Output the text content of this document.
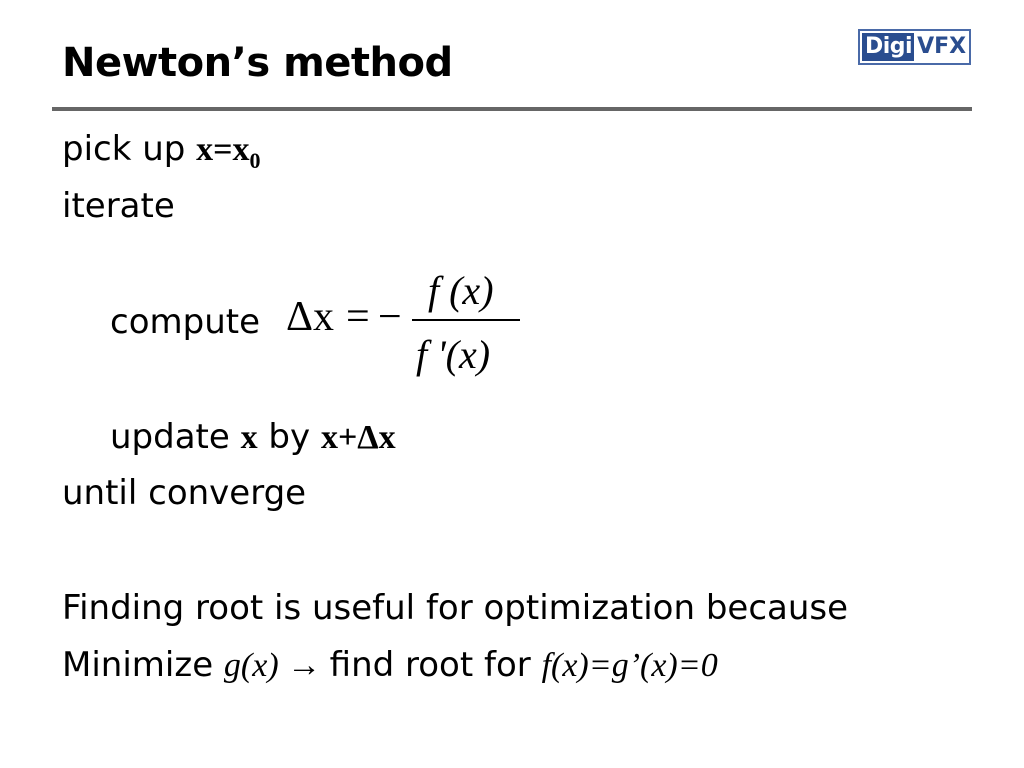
Newton’s method	Digi VFX
pick up $x=x_0$
iterate
compute Δx = −
f (x)
f '(x)
update x by x+Δx
until converge
Finding root is useful for optimization because
Minimize g(x) → find root for f(x)=g’(x)=0
